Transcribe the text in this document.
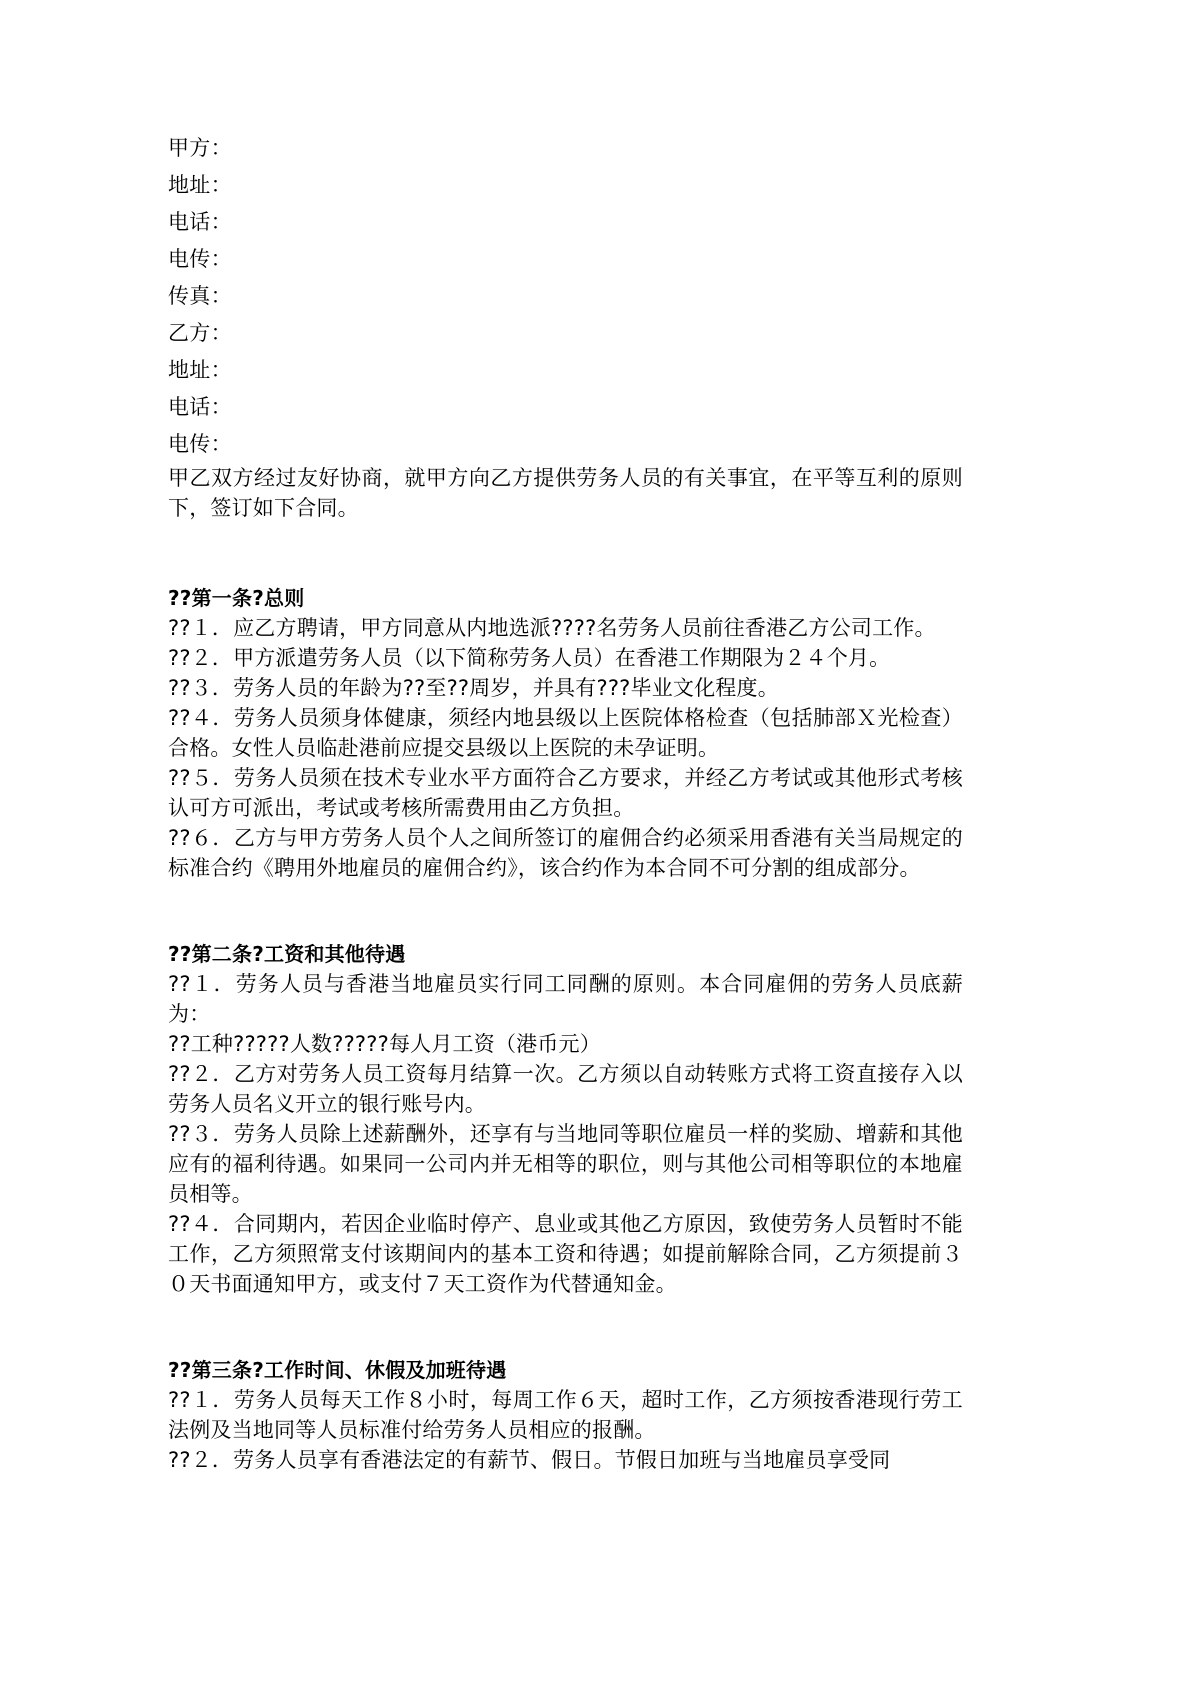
甲方：
地址：
电话：
电传：
传真：
乙方：
地址：
电话：
电传：

甲乙双方经过友好协商，就甲方向乙方提供劳务人员的有关事宜，在平等互利的原则下，签订如下合同。

??第一条?总则

??１．应乙方聘请，甲方同意从内地选派????名劳务人员前往香港乙方公司工作。

??２．甲方派遣劳务人员（以下简称劳务人员）在香港工作期限为２４个月。

??３．劳务人员的年龄为??至??周岁，并具有???毕业文化程度。

??４．劳务人员须身体健康，须经内地县级以上医院体格检查（包括肺部Ｘ光检查）合格。女性人员临赴港前应提交县级以上医院的未孕证明。

??５．劳务人员须在技术专业水平方面符合乙方要求，并经乙方考试或其他形式考核认可方可派出，考试或考核所需费用由乙方负担。

??６．乙方与甲方劳务人员个人之间所签订的雇佣合约必须采用香港有关当局规定的标准合约《聘用外地雇员的雇佣合约》，该合约作为本合同不可分割的组成部分。

??第二条?工资和其他待遇

??１．劳务人员与香港当地雇员实行同工同酬的原则。本合同雇佣的劳务人员底薪为：

??工种?????人数?????每人月工资（港币元）

??２．乙方对劳务人员工资每月结算一次。乙方须以自动转账方式将工资直接存入以劳务人员名义开立的银行账号内。

??３．劳务人员除上述薪酬外，还享有与当地同等职位雇员一样的奖励、增薪和其他应有的福利待遇。如果同一公司内并无相等的职位，则与其他公司相等职位的本地雇员相等。

??４．合同期内，若因企业临时停产、息业或其他乙方原因，致使劳务人员暂时不能工作，乙方须照常支付该期间内的基本工资和待遇；如提前解除合同，乙方须提前３０天书面通知甲方，或支付７天工资作为代替通知金。

??第三条?工作时间、休假及加班待遇

??１．劳务人员每天工作８小时，每周工作６天，超时工作，乙方须按香港现行劳工法例及当地同等人员标准付给劳务人员相应的报酬。

??２．劳务人员享有香港法定的有薪节、假日。节假日加班与当地雇员享受同
